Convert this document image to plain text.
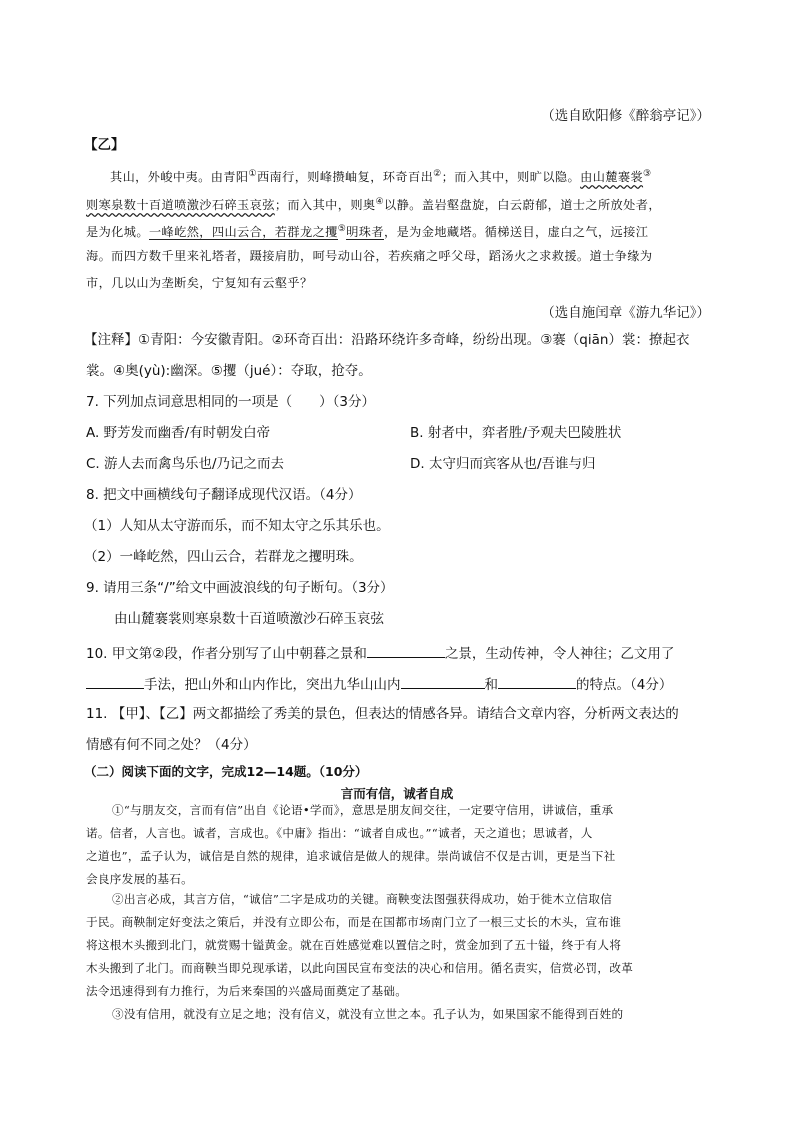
（选自欧阳修《醉翁亭记》）
【乙】
其山，外峻中夷。由青阳①西南行，则峰攒岫复，环奇百出②；而入其中，则旷以隐。由山麓褰裳③
则寒泉数十百道喷激沙石碎玉哀弦；而入其中，则奥④以静。盖岩壑盘旋，白云蔚郁，道士之所放处者，
是为化城。一峰屹然，四山云合，若群龙之攫⑤明珠者，是为金地藏塔。循梯送目，虚白之气，远接江
海。而四方数千里来礼塔者，蹑接肩肋，呵号动山谷，若疾痛之呼父母，蹈汤火之求救援。道士争缘为
市，几以山为垄断矣，宁复知有云壑乎？
（选自施闰章《游九华记》）
【注释】①青阳：今安徽青阳。②环奇百出：沿路环绕许多奇峰，纷纷出现。③褰（qiān）裳：撩起衣
裳。④奥(yù):幽深。⑤攫（jué）：夺取，抢夺。
7. 下列加点词意思相同的一项是（　　）（3分）
A. 野芳发而幽香/有时朝发白帝	B. 射者中，弈者胜/予观夫巴陵胜状
C. 游人去而禽鸟乐也/乃记之而去	D. 太守归而宾客从也/吾谁与归
8. 把文中画横线句子翻译成现代汉语。（4分）
（1）人知从太守游而乐，而不知太守之乐其乐也。
（2）一峰屹然，四山云合，若群龙之攫明珠。
9. 请用三条“/”给文中画波浪线的句子断句。（3分）
由山麓褰裳则寒泉数十百道喷激沙石碎玉哀弦
10. 甲文第②段，作者分别写了山中朝暮之景和	之景，生动传神，令人神往；乙文用了
手法，把山外和山内作比，突出九华山山内	和	的特点。（4分）
11. 【甲】、【乙】两文都描绘了秀美的景色，但表达的情感各异。请结合文章内容，分析两文表达的
情感有何不同之处？（4分）
（二）阅读下面的文字，完成12—14题。（10分）
言而有信，诚者自成
①“与朋友交，言而有信”出自《论语•学而》，意思是朋友间交往，一定要守信用，讲诚信，重承
诺。信者，人言也。诚者，言成也。《中庸》指出：“诚者自成也。”“诚者，天之道也；思诚者，人
之道也”，孟子认为，诚信是自然的规律，追求诚信是做人的规律。崇尚诚信不仅是古训，更是当下社
会良序发展的基石。
②出言必成，其言方信，“诚信”二字是成功的关键。商鞅变法图强获得成功，始于徙木立信取信
于民。商鞅制定好变法之策后，并没有立即公布，而是在国都市场南门立了一根三丈长的木头，宣布谁
将这根木头搬到北门，就赏赐十镒黄金。就在百姓感觉难以置信之时，赏金加到了五十镒，终于有人将
木头搬到了北门。而商鞅当即兑现承诺，以此向国民宣布变法的决心和信用。循名责实，信赏必罚，改革
法令迅速得到有力推行，为后来秦国的兴盛局面奠定了基础。
③没有信用，就没有立足之地；没有信义，就没有立世之本。孔子认为，如果国家不能得到百姓的
